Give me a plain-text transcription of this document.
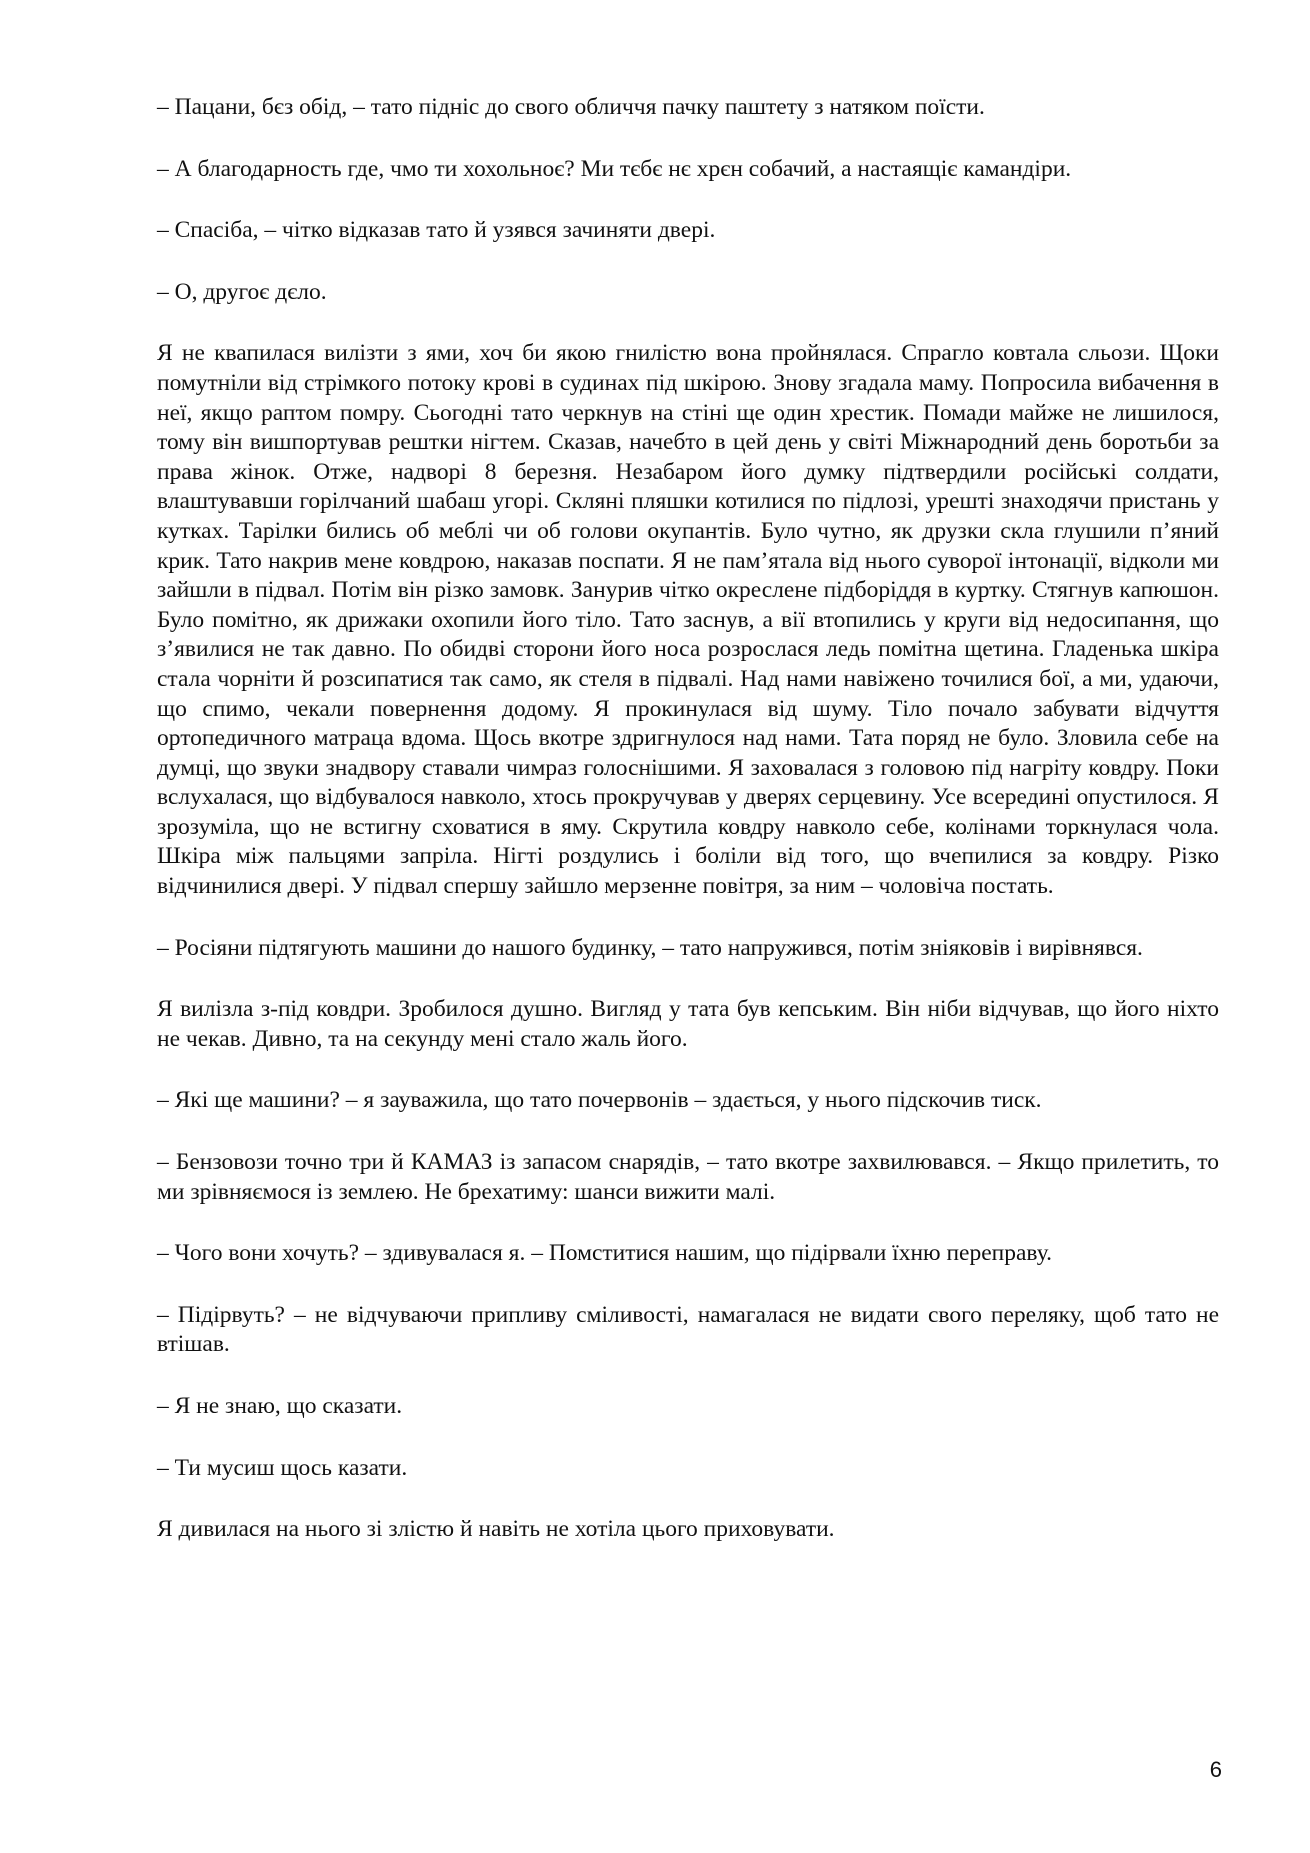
– Пацани, бєз обід, – тато підніс до свого обличчя пачку паштету з натяком поїсти.

– А благодарность где, чмо ти хохольноє? Ми тєбє нє хрєн собачий, а настаящіє камандіри.

– Спасіба, – чітко відказав тато й узявся зачиняти двері.

– О, другоє дєло.

Я не квапилася вилізти з ями, хоч би якою гнилістю вона пройнялася. Спрагло ковтала сльози. Щоки помутніли від стрімкого потоку крові в судинах під шкірою. Знову згадала маму. Попросила вибачення в неї, якщо раптом помру. Сьогодні тато черкнув на стіні ще один хрестик. Помади майже не лишилося, тому він вишпортував рештки нігтем. Сказав, начебто в цей день у світі Міжнародний день боротьби за права жінок. Отже, надворі 8 березня. Незабаром його думку підтвердили російські солдати, влаштувавши горілчаний шабаш угорі. Скляні пляшки котилися по підлозі, урешті знаходячи пристань у кутках. Тарілки бились об меблі чи об голови окупантів. Було чутно, як друзки скла глушили п’яний крик. Тато накрив мене ковдрою, наказав поспати. Я не пам’ятала від нього суворої інтонації, відколи ми зайшли в підвал. Потім він різко замовк. Занурив чітко окреслене підборіддя в куртку. Стягнув капюшон. Було помітно, як дрижаки охопили його тіло. Тато заснув, а вії втопились у круги від недосипання, що з’явилися не так давно. По обидві сторони його носа розрослася ледь помітна щетина. Гладенька шкіра стала чорніти й розсипатися так само, як стеля в підвалі. Над нами навіжено точилися бої, а ми, удаючи, що спимо, чекали повернення додому. Я прокинулася від шуму. Тіло почало забувати відчуття ортопедичного матраца вдома. Щось вкотре здригнулося над нами. Тата поряд не було. Зловила себе на думці, що звуки знадвору ставали чимраз голоснішими. Я заховалася з головою під нагріту ковдру. Поки вслухалася, що відбувалося навколо, хтось прокручував у дверях серцевину. Усе всередині опустилося. Я зрозуміла, що не встигну сховатися в яму. Скрутила ковдру навколо себе, колінами торкнулася чола. Шкіра між пальцями запріла. Нігті роздулись і боліли від того, що вчепилися за ковдру. Різко відчинилися двері. У підвал спершу зайшло мерзенне повітря, за ним – чоловіча постать.

– Росіяни підтягують машини до нашого будинку, – тато напружився, потім зніяковів і вирівнявся.

Я вилізла з-під ковдри. Зробилося душно. Вигляд у тата був кепським. Він ніби відчував, що його ніхто не чекав. Дивно, та на секунду мені стало жаль його.

– Які ще машини? – я зауважила, що тато почервонів – здається, у нього підскочив тиск.

– Бензовози точно три й КАМАЗ із запасом снарядів, – тато вкотре захвилювався. – Якщо прилетить, то ми зрівняємося із землею. Не брехатиму: шанси вижити малі.

– Чого вони хочуть? – здивувалася я. – Помститися нашим, що підірвали їхню переправу.

– Підірвуть? – не відчуваючи припливу сміливості, намагалася не видати свого переляку, щоб тато не втішав.

– Я не знаю, що сказати.

– Ти мусиш щось казати.

Я дивилася на нього зі злістю й навіть не хотіла цього приховувати.

6
